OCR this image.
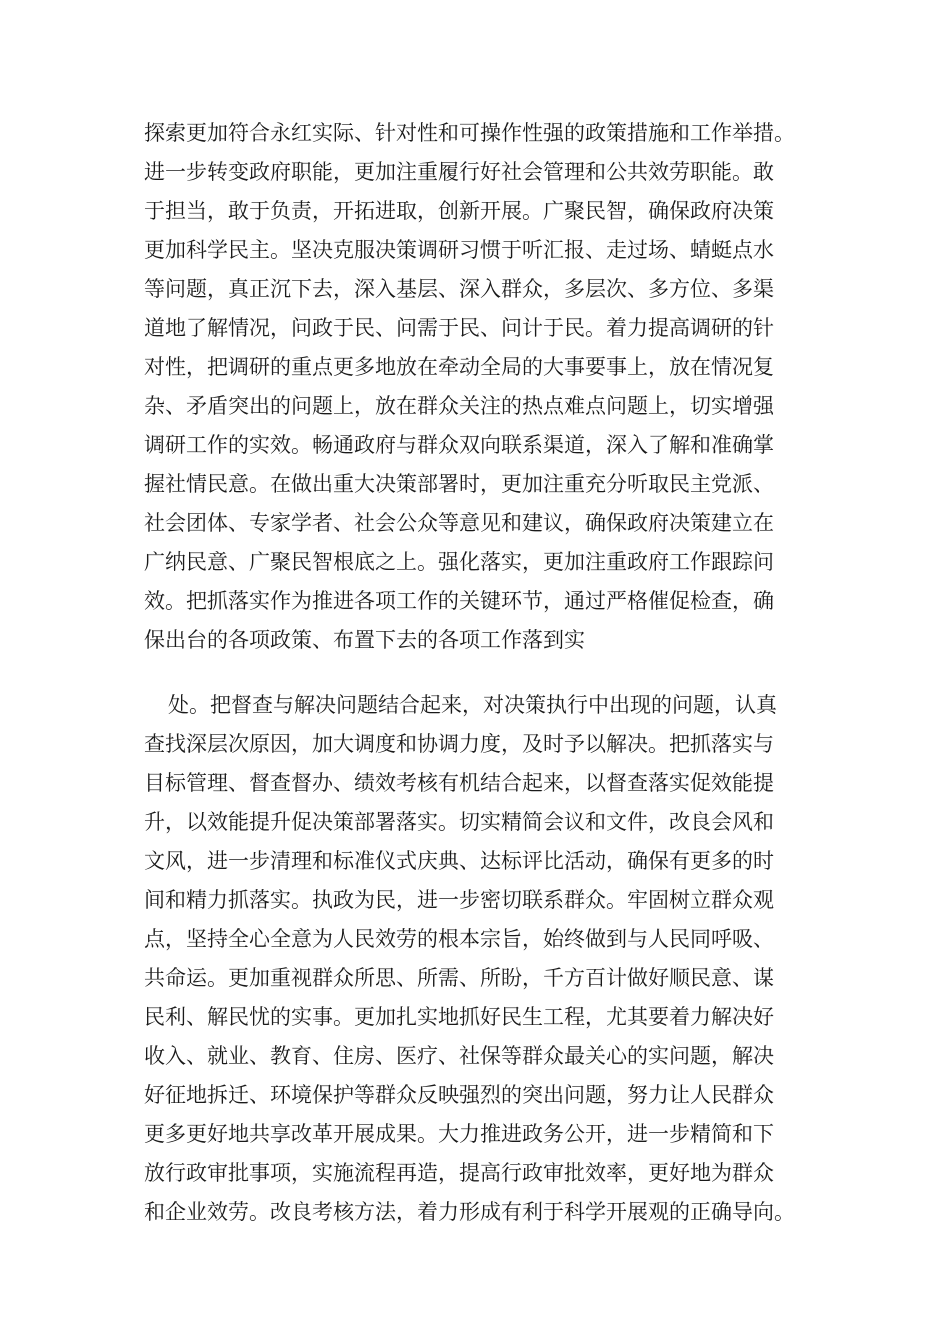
探索更加符合永红实际、针对性和可操作性强的政策措施和工作举措。
进一步转变政府职能，更加注重履行好社会管理和公共效劳职能。敢
于担当，敢于负责，开拓进取，创新开展。广聚民智，确保政府决策
更加科学民主。坚决克服决策调研习惯于听汇报、走过场、蜻蜓点水
等问题，真正沉下去，深入基层、深入群众，多层次、多方位、多渠
道地了解情况，问政于民、问需于民、问计于民。着力提高调研的针
对性，把调研的重点更多地放在牵动全局的大事要事上，放在情况复
杂、矛盾突出的问题上，放在群众关注的热点难点问题上，切实增强
调研工作的实效。畅通政府与群众双向联系渠道，深入了解和准确掌
握社情民意。在做出重大决策部署时，更加注重充分听取民主党派、
社会团体、专家学者、社会公众等意见和建议，确保政府决策建立在
广纳民意、广聚民智根底之上。强化落实，更加注重政府工作跟踪问
效。把抓落实作为推进各项工作的关键环节，通过严格催促检查，确
保出台的各项政策、布置下去的各项工作落到实
处。把督查与解决问题结合起来，对决策执行中出现的问题，认真
查找深层次原因，加大调度和协调力度，及时予以解决。把抓落实与
目标管理、督查督办、绩效考核有机结合起来，以督查落实促效能提
升，以效能提升促决策部署落实。切实精简会议和文件，改良会风和
文风，进一步清理和标准仪式庆典、达标评比活动，确保有更多的时
间和精力抓落实。执政为民，进一步密切联系群众。牢固树立群众观
点，坚持全心全意为人民效劳的根本宗旨，始终做到与人民同呼吸、
共命运。更加重视群众所思、所需、所盼，千方百计做好顺民意、谋
民利、解民忧的实事。更加扎实地抓好民生工程，尤其要着力解决好
收入、就业、教育、住房、医疗、社保等群众最关心的实问题，解决
好征地拆迁、环境保护等群众反映强烈的突出问题，努力让人民群众
更多更好地共享改革开展成果。大力推进政务公开，进一步精简和下
放行政审批事项，实施流程再造，提高行政审批效率，更好地为群众
和企业效劳。改良考核方法，着力形成有利于科学开展观的正确导向。
